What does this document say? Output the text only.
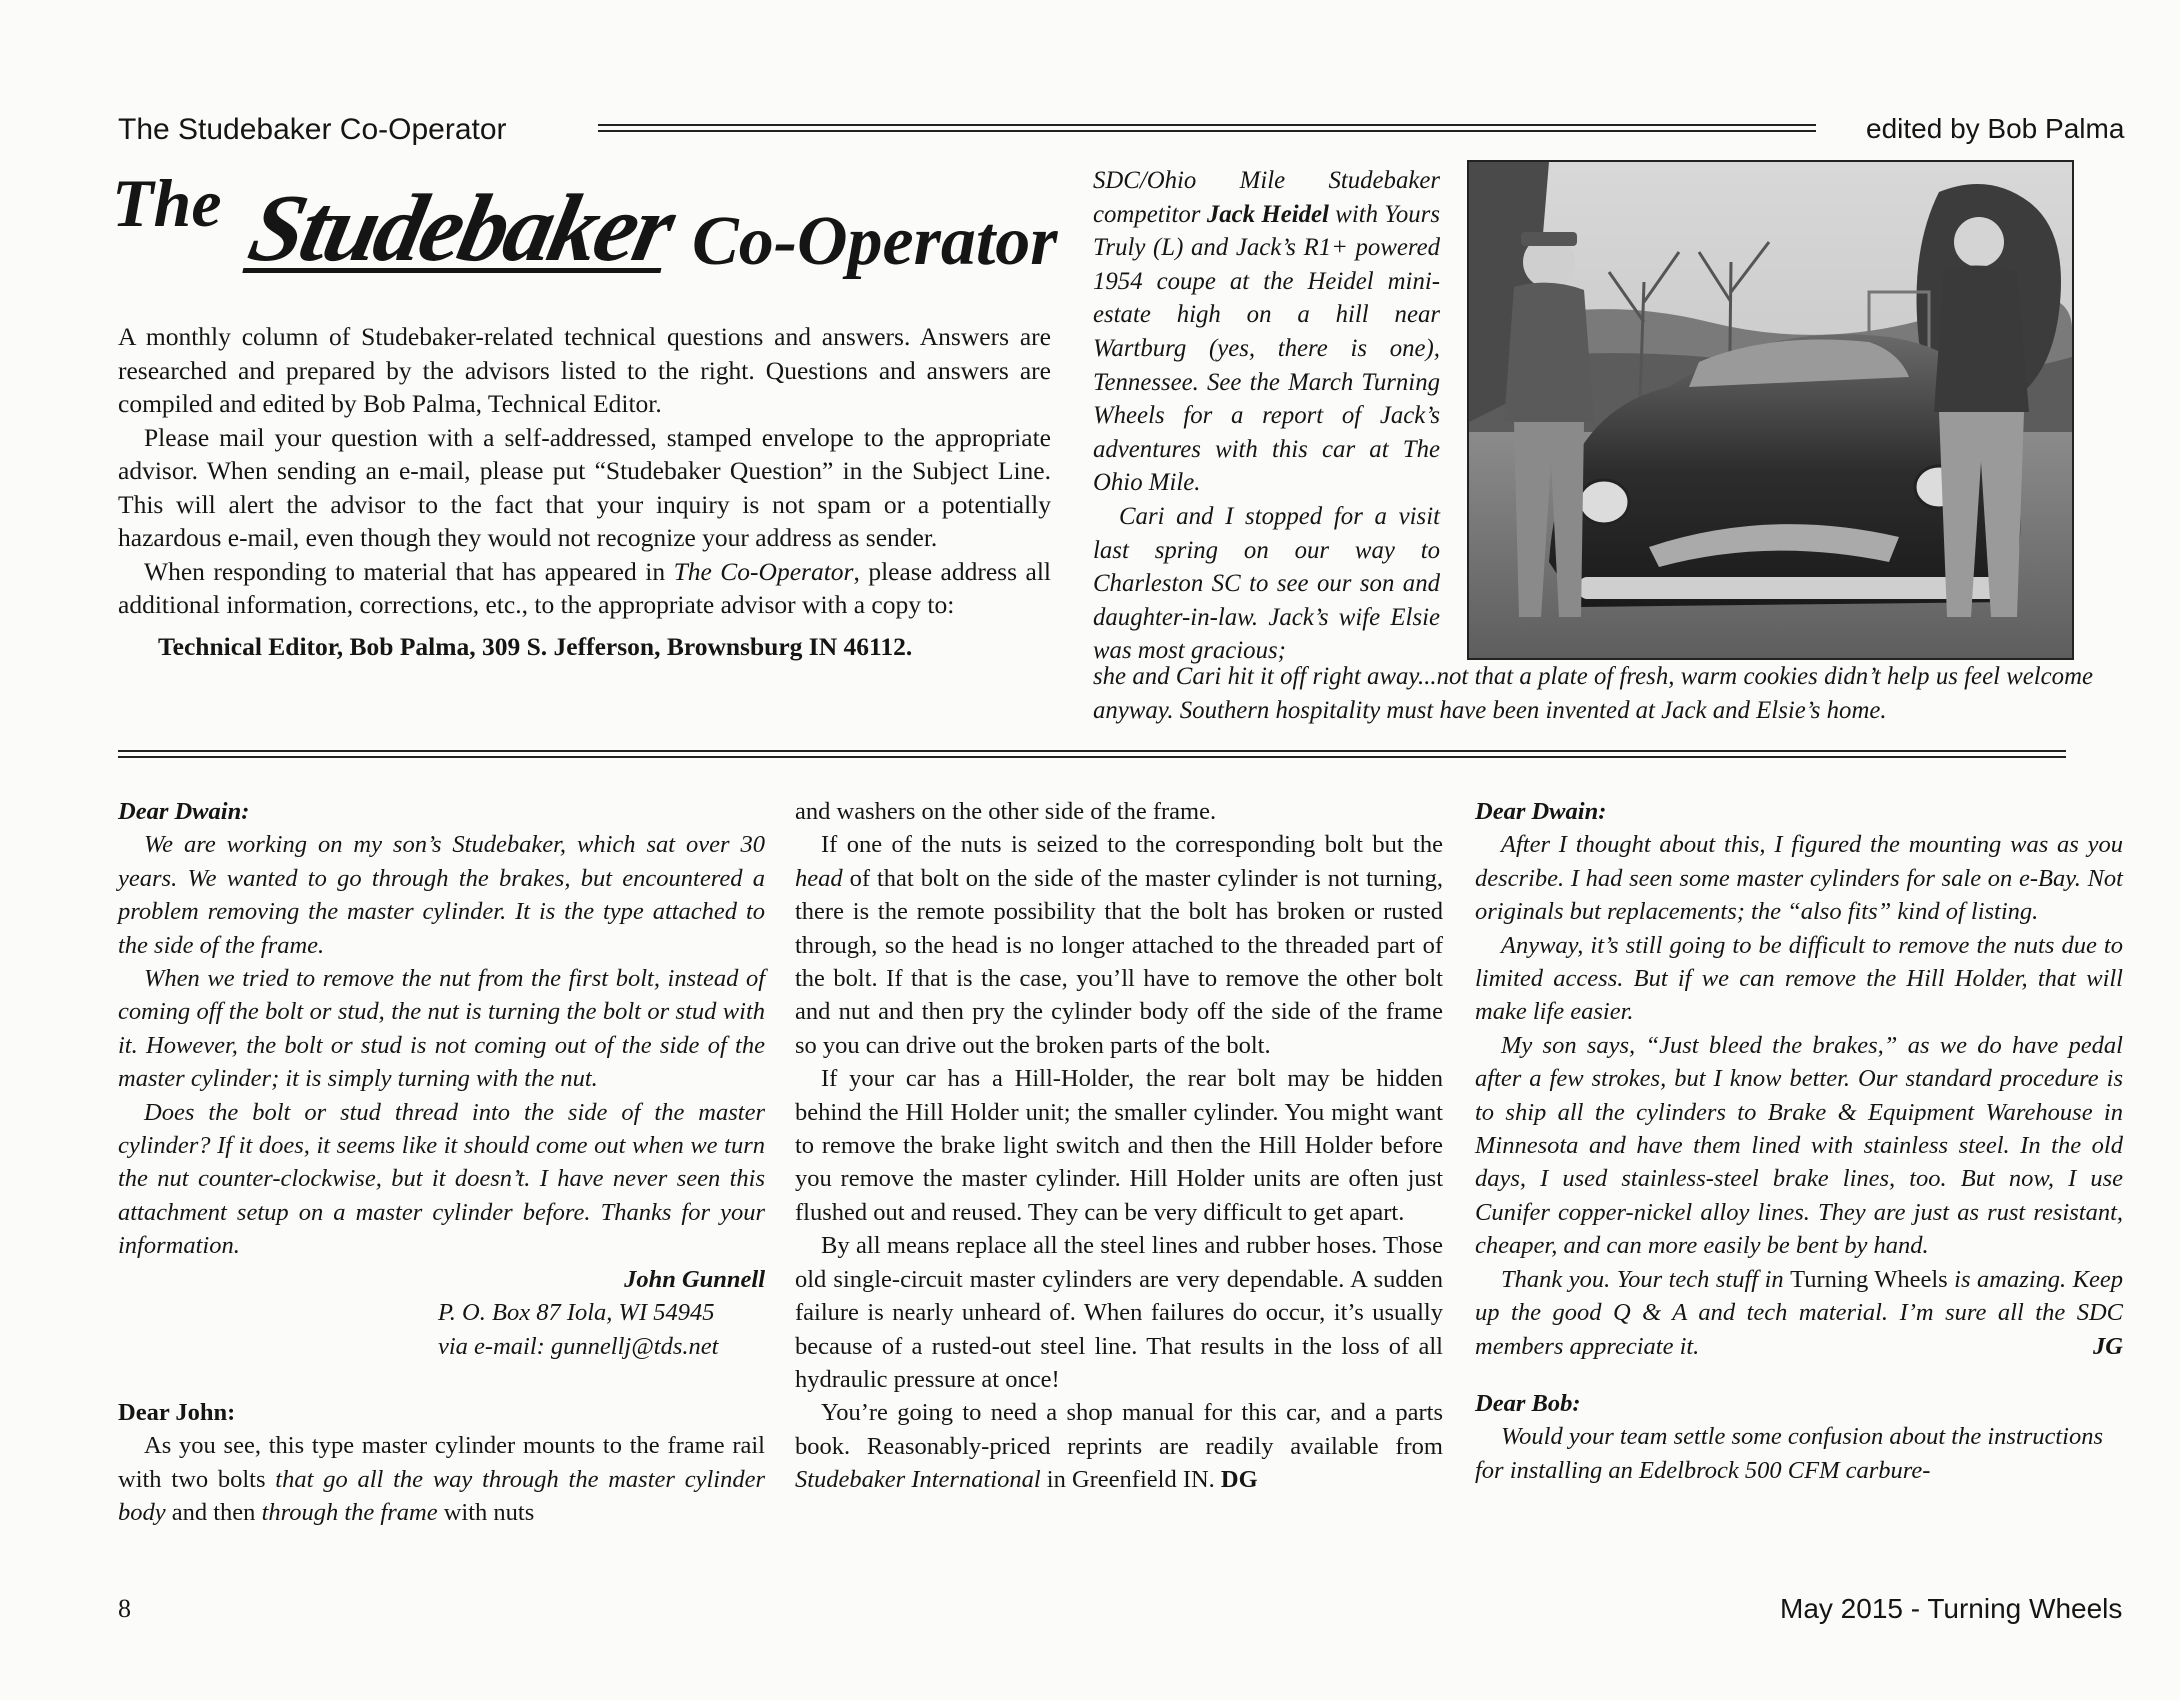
The Studebaker Co-Operator	edited by Bob Palma
The Studebaker Co-Operator

A monthly column of Studebaker-related technical questions and answers. Answers are researched and prepared by the advisors listed to the right. Questions and answers are compiled and edited by Bob Palma, Technical Editor.

Please mail your question with a self-addressed, stamped envelope to the appropriate advisor. When sending an e-mail, please put “Studebaker Question” in the Subject Line. This will alert the advisor to the fact that your inquiry is not spam or a potentially hazardous e-mail, even though they would not recognize your address as sender.

When responding to material that has appeared in The Co-Operator, please address all additional information, corrections, etc., to the appropriate advisor with a copy to:

Technical Editor, Bob Palma, 309 S. Jefferson, Brownsburg IN 46112.

SDC/Ohio Mile Studebaker competitor Jack Heidel with Yours Truly (L) and Jack’s R1+ powered 1954 coupe at the Heidel mini-estate high on a hill near Wartburg (yes, there is one), Tennessee. See the March Turning Wheels for a report of Jack’s adventures with this car at The Ohio Mile.

Cari and I stopped for a visit last spring on our way to Charleston SC to see our son and daughter-in-law. Jack’s wife Elsie was most gracious;

she and Cari hit it off right away...not that a plate of fresh, warm cookies didn’t help us feel welcome anyway. Southern hospitality must have been invented at Jack and Elsie’s home.

Dear Dwain:

We are working on my son’s Studebaker, which sat over 30 years. We wanted to go through the brakes, but encountered a problem removing the master cylinder. It is the type attached to the side of the frame.

When we tried to remove the nut from the first bolt, instead of coming off the bolt or stud, the nut is turning the bolt or stud with it. However, the bolt or stud is not coming out of the side of the master cylinder; it is simply turning with the nut.

Does the bolt or stud thread into the side of the master cylinder? If it does, it seems like it should come out when we turn the nut counter-clockwise, but it doesn’t. I have never seen this attachment setup on a master cylinder before. Thanks for your information.

John Gunnell

P. O. Box 87 Iola, WI 54945

via e-mail: gunnellj@tds.net

Dear John:

As you see, this type master cylinder mounts to the frame rail with two bolts that go all the way through the master cylinder body and then through the frame with nuts

and washers on the other side of the frame.

If one of the nuts is seized to the corresponding bolt but the head of that bolt on the side of the master cylinder is not turning, there is the remote possibility that the bolt has broken or rusted through, so the head is no longer attached to the threaded part of the bolt. If that is the case, you’ll have to remove the other bolt and nut and then pry the cylinder body off the side of the frame so you can drive out the broken parts of the bolt.

If your car has a Hill-Holder, the rear bolt may be hidden behind the Hill Holder unit; the smaller cylinder. You might want to remove the brake light switch and then the Hill Holder before you remove the master cylinder. Hill Holder units are often just flushed out and reused. They can be very difficult to get apart.

By all means replace all the steel lines and rubber hoses. Those old single-circuit master cylinders are very dependable. A sudden failure is nearly unheard of. When failures do occur, it’s usually because of a rusted-out steel line. That results in the loss of all hydraulic pressure at once!

You’re going to need a shop manual for this car, and a parts book. Reasonably-priced reprints are readily available from Studebaker International in Greenfield IN. DG

Dear Dwain:

After I thought about this, I figured the mounting was as you describe. I had seen some master cylinders for sale on e-Bay. Not originals but replacements; the “also fits” kind of listing.

Anyway, it’s still going to be difficult to remove the nuts due to limited access. But if we can remove the Hill Holder, that will make life easier.

My son says, “Just bleed the brakes,” as we do have pedal after a few strokes, but I know better. Our standard procedure is to ship all the cylinders to Brake & Equipment Warehouse in Minnesota and have them lined with stainless steel. In the old days, I used stainless-steel brake lines, too. But now, I use Cunifer copper-nickel alloy lines. They are just as rust resistant, cheaper, and can more easily be bent by hand.

Thank you. Your tech stuff in Turning Wheels is amazing. Keep up the good Q & A and tech material. I’m sure all the SDC members appreciate it.	JG

Dear Bob:

Would your team settle some confusion about the instructions for installing an Edelbrock 500 CFM carbure-

8	May 2015 - Turning Wheels
